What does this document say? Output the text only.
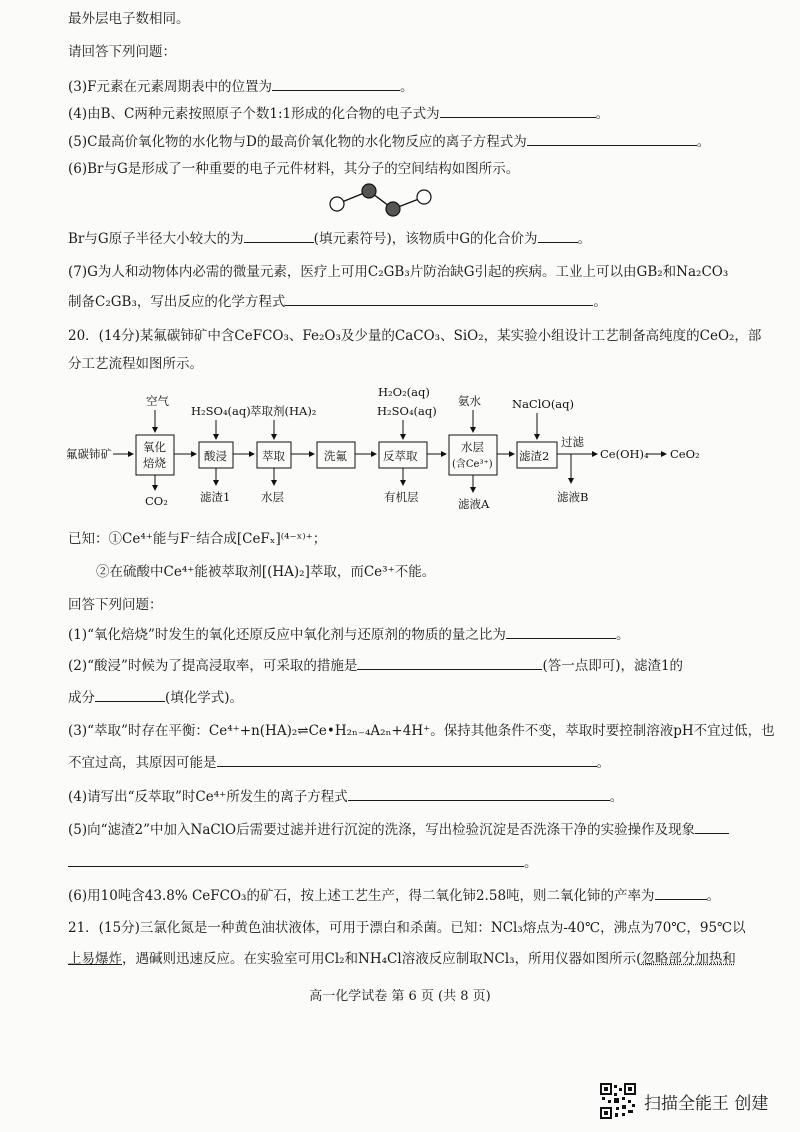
最外层电子数相同。
请回答下列问题：
(3)F元素在元素周期表中的位置为	。
(4)由B、C两种元素按照原子个数1:1形成的化合物的电子式为	。
(5)C最高价氧化物的水化物与D的最高价氧化物的水化物反应的离子方程式为	。
(6)Br与G是形成了一种重要的电子元件材料，其分子的空间结构如图所示。
Br与G原子半径大小较大的为	(填元素符号)，该物质中G的化合价为	。
(7)G为人和动物体内必需的微量元素，医疗上可用C₂GB₃片防治缺G引起的疾病。工业上可以由GB₂和Na₂CO₃
制备C₂GB₃，写出反应的化学方程式	。
20．(14分)某氟碳铈矿中含CeFCO₃、Fe₂O₃及少量的CaCO₃、SiO₂，某实验小组设计工艺制备高纯度的CeO₂，部
分工艺流程如图所示。
氟碳铈矿	氧化
焙烧
空气
CO₂
酸浸
H₂SO₄(aq)
滤渣1
萃取
萃取剂(HA)₂
水层
洗氟	反萃取
H₂O₂(aq)
H₂SO₄(aq)
有机层
水层
(含Ce³⁺)
氨水
滤液A
滤渣2
NaClO(aq)
过滤
滤液B
Ce(OH)₄ CeO₂
已知：①Ce⁴⁺能与F⁻结合成[CeFₓ]⁽⁴⁻ˣ⁾⁺；
②在硫酸中Ce⁴⁺能被萃取剂[(HA)₂]萃取，而Ce³⁺不能。
回答下列问题：
(1)“氧化焙烧”时发生的氧化还原反应中氧化剂与还原剂的物质的量之比为	。
(2)“酸浸”时候为了提高浸取率，可采取的措施是	(答一点即可)，滤渣1的
成分	(填化学式)。
(3)“萃取”时存在平衡：Ce⁴⁺+n(HA)₂⇌Ce•H₂ₙ₋₄A₂ₙ+4H⁺。保持其他条件不变，萃取时要控制溶液pH不宜过低，也
不宜过高，其原因可能是	。
(4)请写出“反萃取”时Ce⁴⁺所发生的离子方程式	。
(5)向“滤渣2”中加入NaClO后需要过滤并进行沉淀的洗涤，写出检验沉淀是否洗涤干净的实验操作及现象
。
(6)用10吨含43.8% CeFCO₃的矿石，按上述工艺生产，得二氧化铈2.58吨，则二氧化铈的产率为	。
21．(15分)三氯化氮是一种黄色油状液体，可用于漂白和杀菌。已知：NCl₃熔点为-40℃，沸点为70℃，95℃以
上易爆炸，遇碱则迅速反应。在实验室可用Cl₂和NH₄Cl溶液反应制取NCl₃，所用仪器如图所示(忽略部分加热和
高一化学试卷 第 6 页 (共 8 页)
扫描全能王 创建
